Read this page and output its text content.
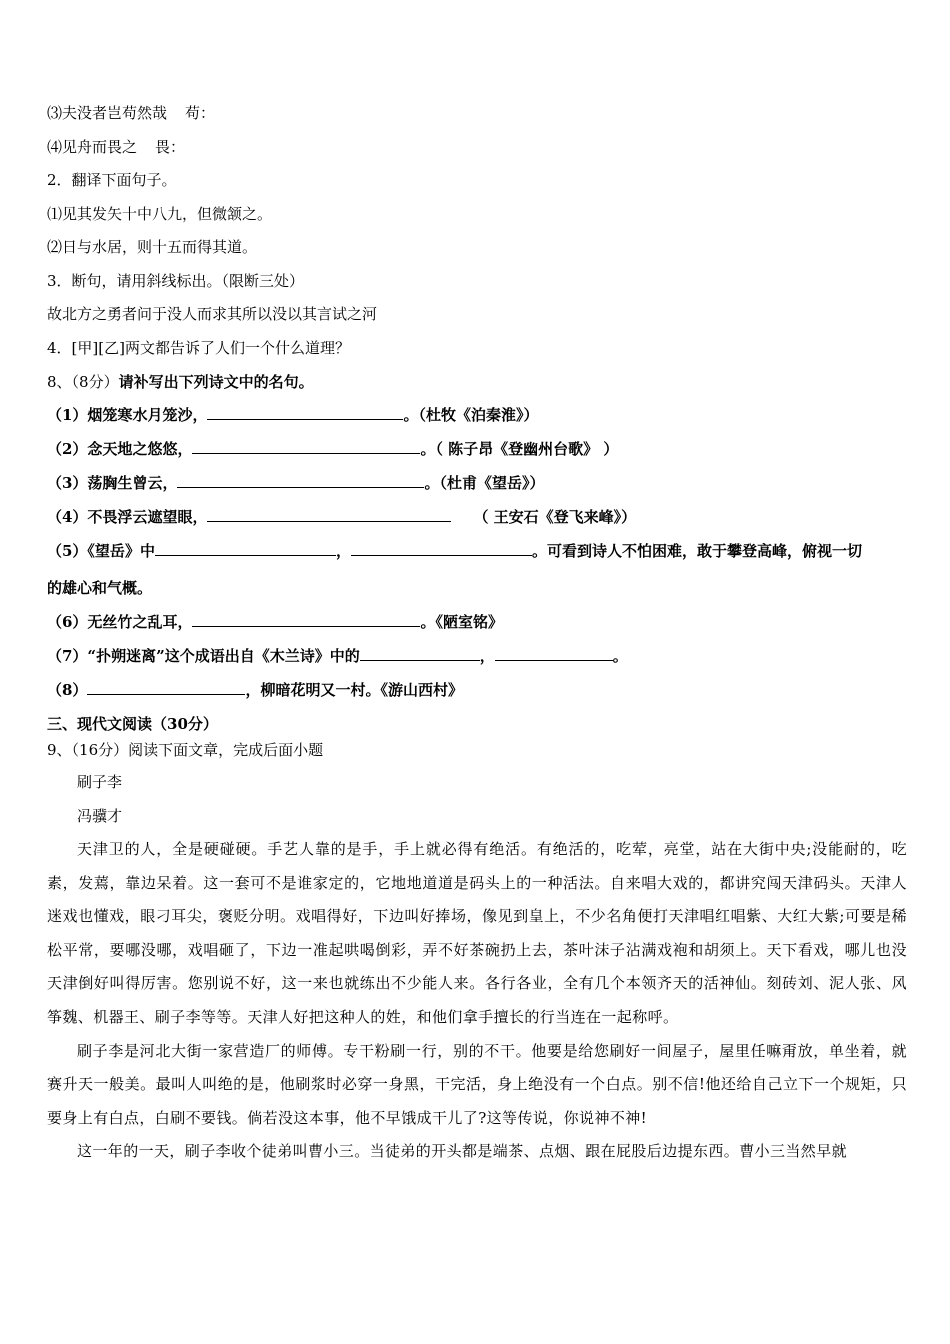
⑶夫没者岂苟然哉 苟：
⑷见舟而畏之 畏：
2．翻译下面句子。
⑴见其发矢十中八九，但微颔之。
⑵日与水居，则十五而得其道。
3．断句，请用斜线标出。（限断三处）
故北方之勇者问于没人而求其所以没以其言试之河
4．[甲][乙]两文都告诉了人们一个什么道理？
8、（8分）请补写出下列诗文中的名句。
（1）烟笼寒水月笼沙，	。（杜牧《泊秦淮》）
（2）念天地之悠悠，	。（ 陈子昂《登幽州台歌》 ）
（3）荡胸生曾云，	。（杜甫《望岳》）
（4）不畏浮云遮望眼，	（ 王安石《登飞来峰》）
（5）《望岳》中	，	。可看到诗人不怕困难，敢于攀登高峰，俯视一切
的雄心和气概。
（6）无丝竹之乱耳，	。《陋室铭》
（7）“扑朔迷离”这个成语出自《木兰诗》中的	，	。
（8）	，柳暗花明又一村。《游山西村》
三、现代文阅读（30分）
9、（16分）阅读下面文章，完成后面小题
刷子李
冯骥才

天津卫的人，全是硬碰硬。手艺人靠的是手，手上就必得有绝活。有绝活的，吃荤，亮堂，站在大街中央;没能耐的，吃素，发蔫，靠边呆着。这一套可不是谁家定的，它地地道道是码头上的一种活法。自来唱大戏的，都讲究闯天津码头。天津人迷戏也懂戏，眼刁耳尖，褒贬分明。戏唱得好，下边叫好捧场，像见到皇上，不少名角便打天津唱红唱紫、大红大紫;可要是稀松平常，要哪没哪，戏唱砸了，下边一准起哄喝倒彩，弄不好茶碗扔上去，茶叶沫子沾满戏袍和胡须上。天下看戏，哪儿也没天津倒好叫得厉害。您别说不好，这一来也就练出不少能人来。各行各业，全有几个本领齐天的活神仙。刻砖刘、泥人张、风筝魏、机器王、刷子李等等。天津人好把这种人的姓，和他们拿手擅长的行当连在一起称呼。

刷子李是河北大街一家营造厂的师傅。专干粉刷一行，别的不干。他要是给您刷好一间屋子，屋里任嘛甭放，单坐着，就赛升天一般美。最叫人叫绝的是，他刷浆时必穿一身黑，干完活，身上绝没有一个白点。别不信!他还给自己立下一个规矩，只要身上有白点，白刷不要钱。倘若没这本事，他不早饿成干儿了?这等传说，你说神不神!

这一年的一天，刷子李收个徒弟叫曹小三。当徒弟的开头都是端茶、点烟、跟在屁股后边提东西。曹小三当然早就
